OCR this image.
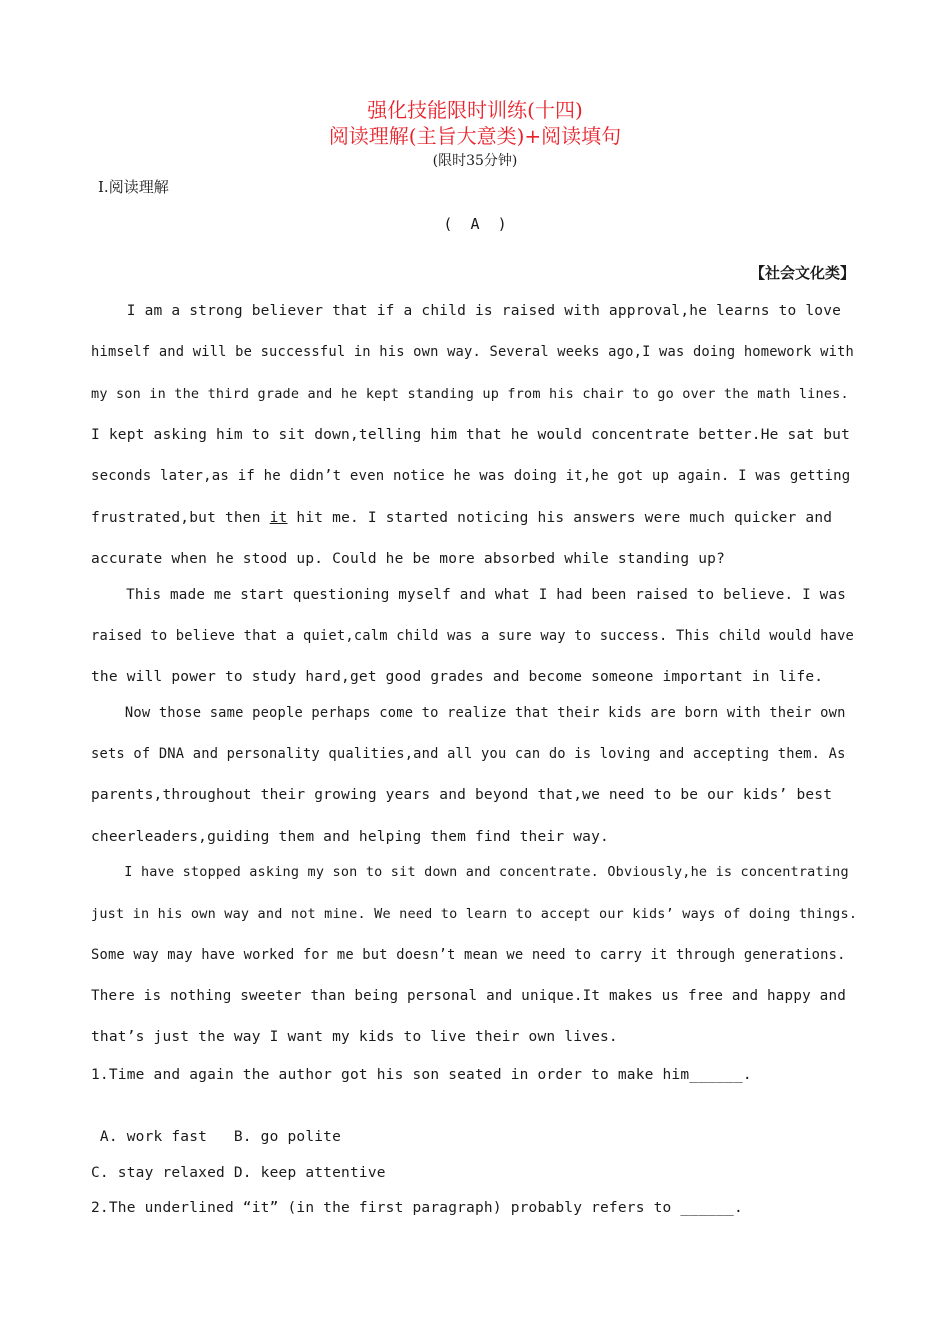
强化技能限时训练(十四)
阅读理解(主旨大意类)+阅读填句
(限时35分钟)
Ⅰ.阅读理解
(  A  )
【社会文化类】
I am a strong believer that if a child is raised with approval,he learns to love
himself and will be successful in his own way. Several weeks ago,I was doing homework with
my son in the third grade and he kept standing up from his chair to go over the math lines.
I kept asking him to sit down,telling him that he would concentrate better.He sat but
seconds later,as if he didn’t even notice he was doing it,he got up again. I was getting
frustrated,but then it hit me. I started noticing his answers were much quicker and
accurate when he stood up. Could he be more absorbed while standing up?
This made me start questioning myself and what I had been raised to believe. I was
raised to believe that a quiet,calm child was a sure way to success. This child would have
the will power to study hard,get good grades and become someone important in life.
Now those same people perhaps come to realize that their kids are born with their own
sets of DNA and personality qualities,and all you can do is loving and accepting them. As
parents,throughout their growing years and beyond that,we need to be our kids’ best
cheerleaders,guiding them and helping them find their way.
I have stopped asking my son to sit down and concentrate. Obviously,he is concentrating
just in his own way and not mine. We need to learn to accept our kids’ ways of doing things.
Some way may have worked for me but doesn’t mean we need to carry it through generations.
There is nothing sweeter than being personal and unique.It makes us free and happy and
that’s just the way I want my kids to live their own lives.
1.Time and again the author got his son seated in order to make him______.
A. work fast   B. go polite
C. stay relaxed D. keep attentive
2.The underlined “it” (in the first paragraph) probably refers to ______.
